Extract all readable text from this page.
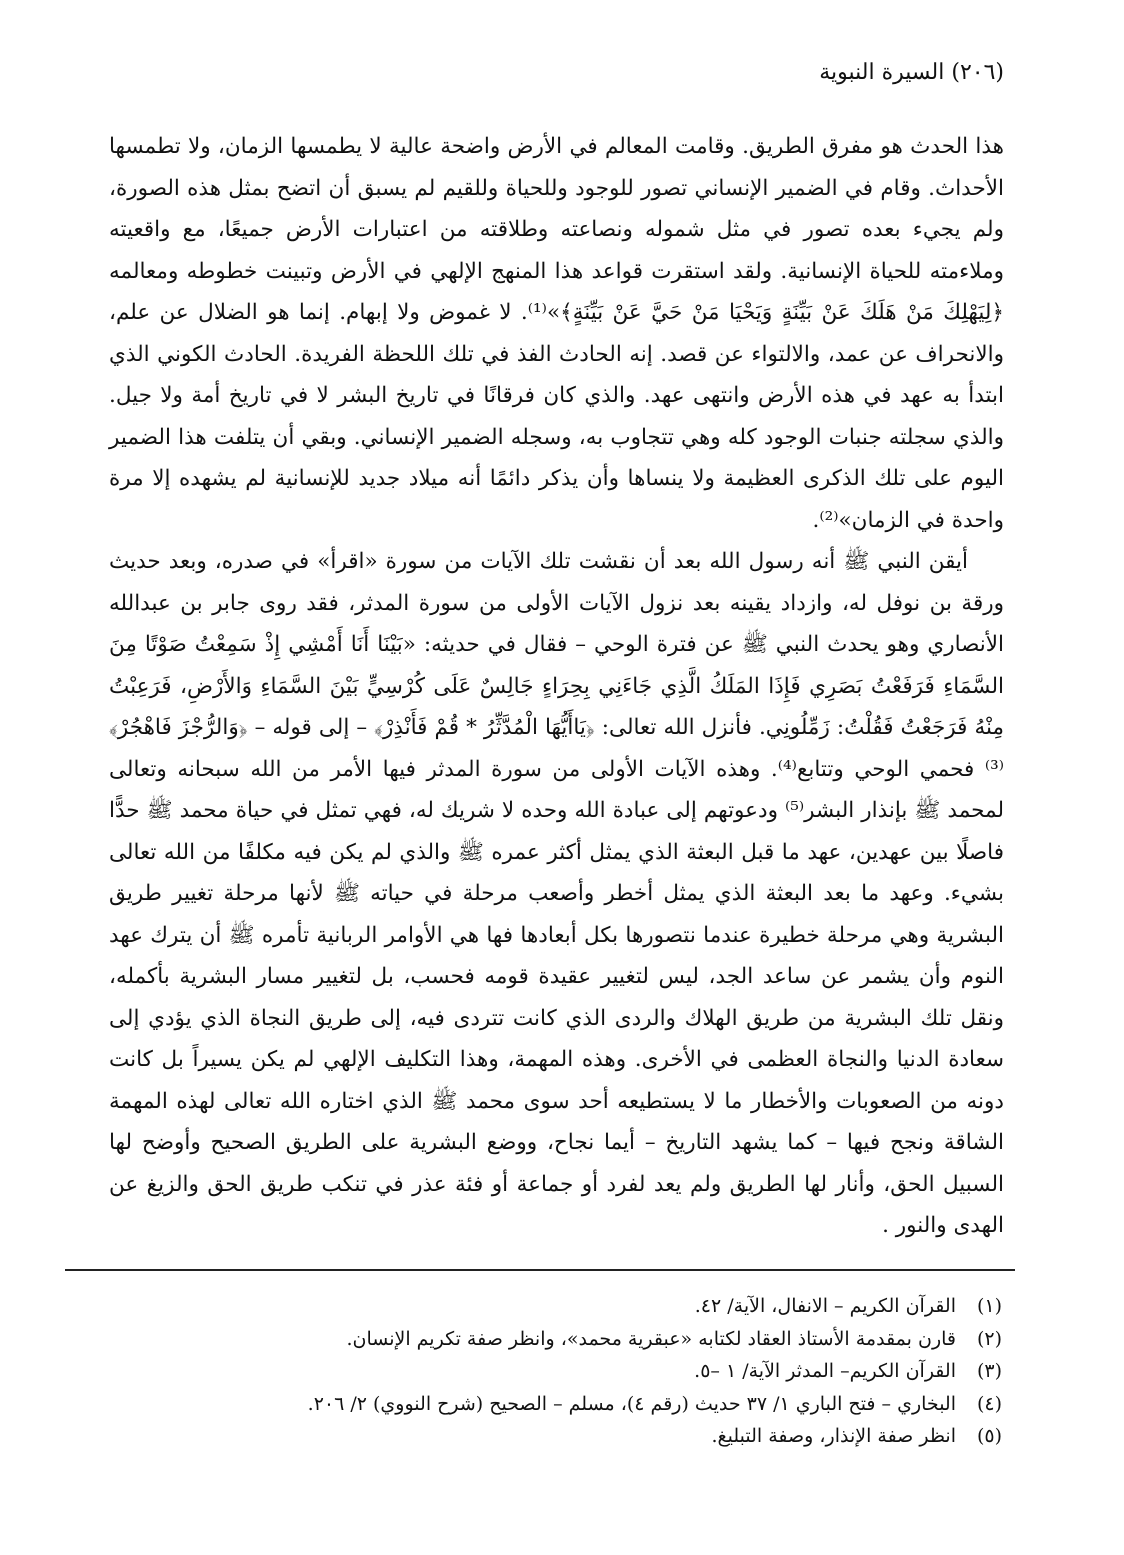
(٢٠٦) السيرة النبوية

هذا الحدث هو مفرق الطريق. وقامت المعالم في الأرض واضحة عالية لا يطمسها الزمان، ولا تطمسها الأحداث. وقام في الضمير الإنساني تصور للوجود وللحياة وللقيم لم يسبق أن اتضح بمثل هذه الصورة، ولم يجيء بعده تصور في مثل شموله ونصاعته وطلاقته من اعتبارات الأرض جميعًا، مع واقعيته وملاءمته للحياة الإنسانية. ولقد استقرت قواعد هذا المنهج الإلهي في الأرض وتبينت خطوطه ومعالمه ﴿لِيَهْلِكَ مَنْ هَلَكَ عَنْ بَيِّنَةٍ وَيَحْيَا مَنْ حَيَّ عَنْ بَيِّنَةٍ﴾»⁽¹⁾. لا غموض ولا إبهام. إنما هو الضلال عن علم، والانحراف عن عمد، والالتواء عن قصد. إنه الحادث الفذ في تلك اللحظة الفريدة. الحادث الكوني الذي ابتدأ به عهد في هذه الأرض وانتهى عهد. والذي كان فرقانًا في تاريخ البشر لا في تاريخ أمة ولا جيل. والذي سجلته جنبات الوجود كله وهي تتجاوب به، وسجله الضمير الإنساني. وبقي أن يتلفت هذا الضمير اليوم على تلك الذكرى العظيمة ولا ينساها وأن يذكر دائمًا أنه ميلاد جديد للإنسانية لم يشهده إلا مرة واحدة في الزمان»⁽²⁾.

أيقن النبي ﷺ أنه رسول الله بعد أن نقشت تلك الآيات من سورة «اقرأ» في صدره، وبعد حديث ورقة بن نوفل له، وازداد يقينه بعد نزول الآيات الأولى من سورة المدثر، فقد روى جابر بن عبدالله الأنصاري وهو يحدث النبي ﷺ عن فترة الوحي – فقال في حديثه: «بَيْنَا أَنَا أَمْشِي إِذْ سَمِعْتُ صَوْتًا مِنَ السَّمَاءِ فَرَفَعْتُ بَصَرِي فَإِذَا المَلَكُ الَّذِي جَاءَنِي بِحِرَاءٍ جَالِسٌ عَلَى كُرْسِيٍّ بَيْنَ السَّمَاءِ وَالأَرْضِ، فَرَعِبْتُ مِنْهُ فَرَجَعْتُ فَقُلْتُ: زَمِّلُونِي. فأنزل الله تعالى: ﴿يَاأَيُّهَا الْمُدَّثِّرُ * قُمْ فَأَنْذِرْ﴾ – إلى قوله – ﴿وَالرُّجْزَ فَاهْجُرْ﴾⁽³⁾ فحمي الوحي وتتابع⁽⁴⁾. وهذه الآيات الأولى من سورة المدثر فيها الأمر من الله سبحانه وتعالى لمحمد ﷺ بإنذار البشر⁽⁵⁾ ودعوتهم إلى عبادة الله وحده لا شريك له، فهي تمثل في حياة محمد ﷺ حدًّا فاصلًا بين عهدين، عهد ما قبل البعثة الذي يمثل أكثر عمره ﷺ والذي لم يكن فيه مكلفًا من الله تعالى بشيء. وعهد ما بعد البعثة الذي يمثل أخطر وأصعب مرحلة في حياته ﷺ لأنها مرحلة تغيير طريق البشرية وهي مرحلة خطيرة عندما نتصورها بكل أبعادها فها هي الأوامر الربانية تأمره ﷺ أن يترك عهد النوم وأن يشمر عن ساعد الجد، ليس لتغيير عقيدة قومه فحسب، بل لتغيير مسار البشرية بأكمله، ونقل تلك البشرية من طريق الهلاك والردى الذي كانت تتردى فيه، إلى طريق النجاة الذي يؤدي إلى سعادة الدنيا والنجاة العظمى في الأخرى. وهذه المهمة، وهذا التكليف الإلهي لم يكن يسيراً بل كانت دونه من الصعوبات والأخطار ما لا يستطيعه أحد سوى محمد ﷺ الذي اختاره الله تعالى لهذه المهمة الشاقة ونجح فيها – كما يشهد التاريخ – أيما نجاح، ووضع البشرية على الطريق الصحيح وأوضح لها السبيل الحق، وأنار لها الطريق ولم يعد لفرد أو جماعة أو فئة عذر في تنكب طريق الحق والزيغ عن الهدى والنور .

(١)
القرآن الكريم – الانفال، الآية/ ٤٢.
(٢)
قارن بمقدمة الأستاذ العقاد لكتابه «عبقرية محمد»، وانظر صفة تكريم الإنسان.
(٣)
القرآن الكريم– المدثر الآية/ ١ –٥.
(٤)
البخاري – فتح الباري ١/ ٣٧ حديث (رقم ٤)، مسلم – الصحيح (شرح النووي) ٢/ ٢٠٦.
(٥)
انظر صفة الإنذار، وصفة التبليغ.
